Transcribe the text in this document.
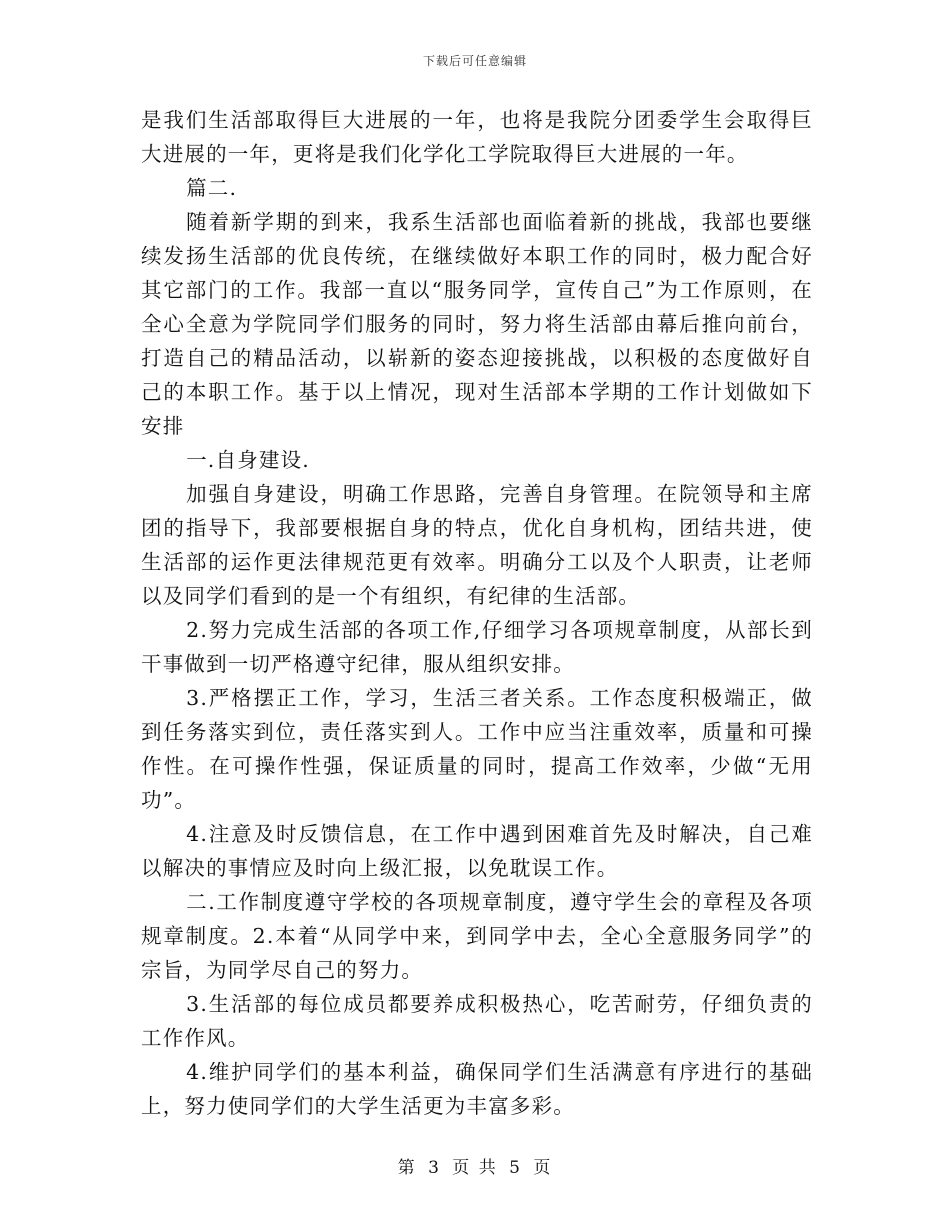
下载后可任意编辑

是我们生活部取得巨大进展的一年，也将是我院分团委学生会取得巨大进展的一年，更将是我们化学化工学院取得巨大进展的一年。

篇二.

随着新学期的到来，我系生活部也面临着新的挑战，我部也要继续发扬生活部的优良传统，在继续做好本职工作的同时，极力配合好其它部门的工作。我部一直以“服务同学，宣传自己”为工作原则，在全心全意为学院同学们服务的同时，努力将生活部由幕后推向前台，打造自己的精品活动，以崭新的姿态迎接挑战，以积极的态度做好自己的本职工作。基于以上情况，现对生活部本学期的工作计划做如下安排

一.自身建设.

加强自身建设，明确工作思路，完善自身管理。在院领导和主席团的指导下，我部要根据自身的特点，优化自身机构，团结共进，使生活部的运作更法律规范更有效率。明确分工以及个人职责，让老师以及同学们看到的是一个有组织，有纪律的生活部。

2.努力完成生活部的各项工作,仔细学习各项规章制度，从部长到干事做到一切严格遵守纪律，服从组织安排。

3.严格摆正工作，学习，生活三者关系。工作态度积极端正，做到任务落实到位，责任落实到人。工作中应当注重效率，质量和可操作性。在可操作性强，保证质量的同时，提高工作效率，少做“无用功”。

4.注意及时反馈信息，在工作中遇到困难首先及时解决，自己难以解决的事情应及时向上级汇报，以免耽误工作。

二.工作制度遵守学校的各项规章制度，遵守学生会的章程及各项规章制度。2.本着“从同学中来，到同学中去，全心全意服务同学”的宗旨，为同学尽自己的努力。

3.生活部的每位成员都要养成积极热心，吃苦耐劳，仔细负责的工作作风。

4.维护同学们的基本利益，确保同学们生活满意有序进行的基础上，努力使同学们的大学生活更为丰富多彩。

第 3 页 共 5 页
